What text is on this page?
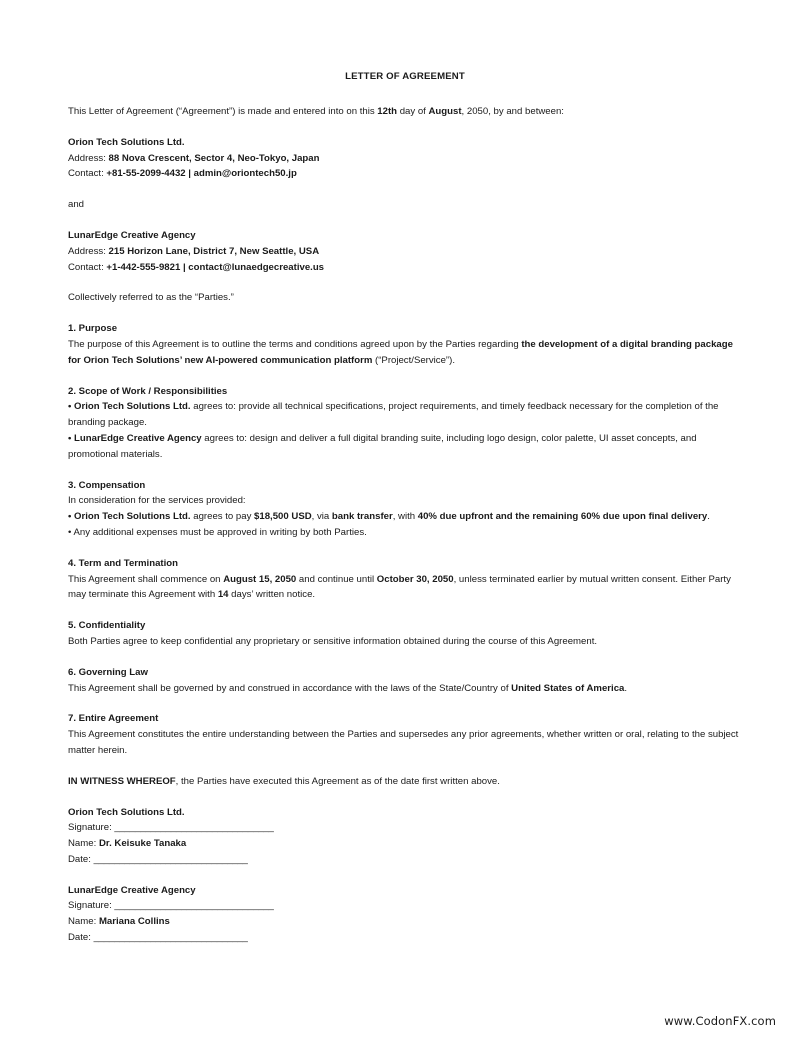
LETTER OF AGREEMENT

This Letter of Agreement (“Agreement”) is made and entered into on this 12th day of August, 2050, by and between:

Orion Tech Solutions Ltd.

Address: 88 Nova Crescent, Sector 4, Neo-Tokyo, Japan

Contact: +81-55-2099-4432 | admin@oriontech50.jp

and

LunarEdge Creative Agency

Address: 215 Horizon Lane, District 7, New Seattle, USA

Contact: +1-442-555-9821 | contact@lunaedgecreative.us

Collectively referred to as the “Parties.”

1. Purpose

The purpose of this Agreement is to outline the terms and conditions agreed upon by the Parties regarding the development of a digital branding package for Orion Tech Solutions’ new AI-powered communication platform (“Project/Service”).

2. Scope of Work / Responsibilities

• Orion Tech Solutions Ltd. agrees to: provide all technical specifications, project requirements, and timely feedback necessary for the completion of the branding package.

• LunarEdge Creative Agency agrees to: design and deliver a full digital branding suite, including logo design, color palette, UI asset concepts, and promotional materials.

3. Compensation

In consideration for the services provided:

• Orion Tech Solutions Ltd. agrees to pay $18,500 USD, via bank transfer, with 40% due upfront and the remaining 60% due upon final delivery.

• Any additional expenses must be approved in writing by both Parties.

4. Term and Termination

This Agreement shall commence on August 15, 2050 and continue until October 30, 2050, unless terminated earlier by mutual written consent. Either Party may terminate this Agreement with 14 days’ written notice.

5. Confidentiality

Both Parties agree to keep confidential any proprietary or sensitive information obtained during the course of this Agreement.

6. Governing Law

This Agreement shall be governed by and construed in accordance with the laws of the State/Country of United States of America.

7. Entire Agreement

This Agreement constitutes the entire understanding between the Parties and supersedes any prior agreements, whether written or oral, relating to the subject matter herein.

IN WITNESS WHEREOF, the Parties have executed this Agreement as of the date first written above.

Orion Tech Solutions Ltd.

Signature: _______________________________

Name: Dr. Keisuke Tanaka

Date: ______________________________

LunarEdge Creative Agency

Signature: _______________________________

Name: Mariana Collins

Date: ______________________________

www.CodonFX.com
